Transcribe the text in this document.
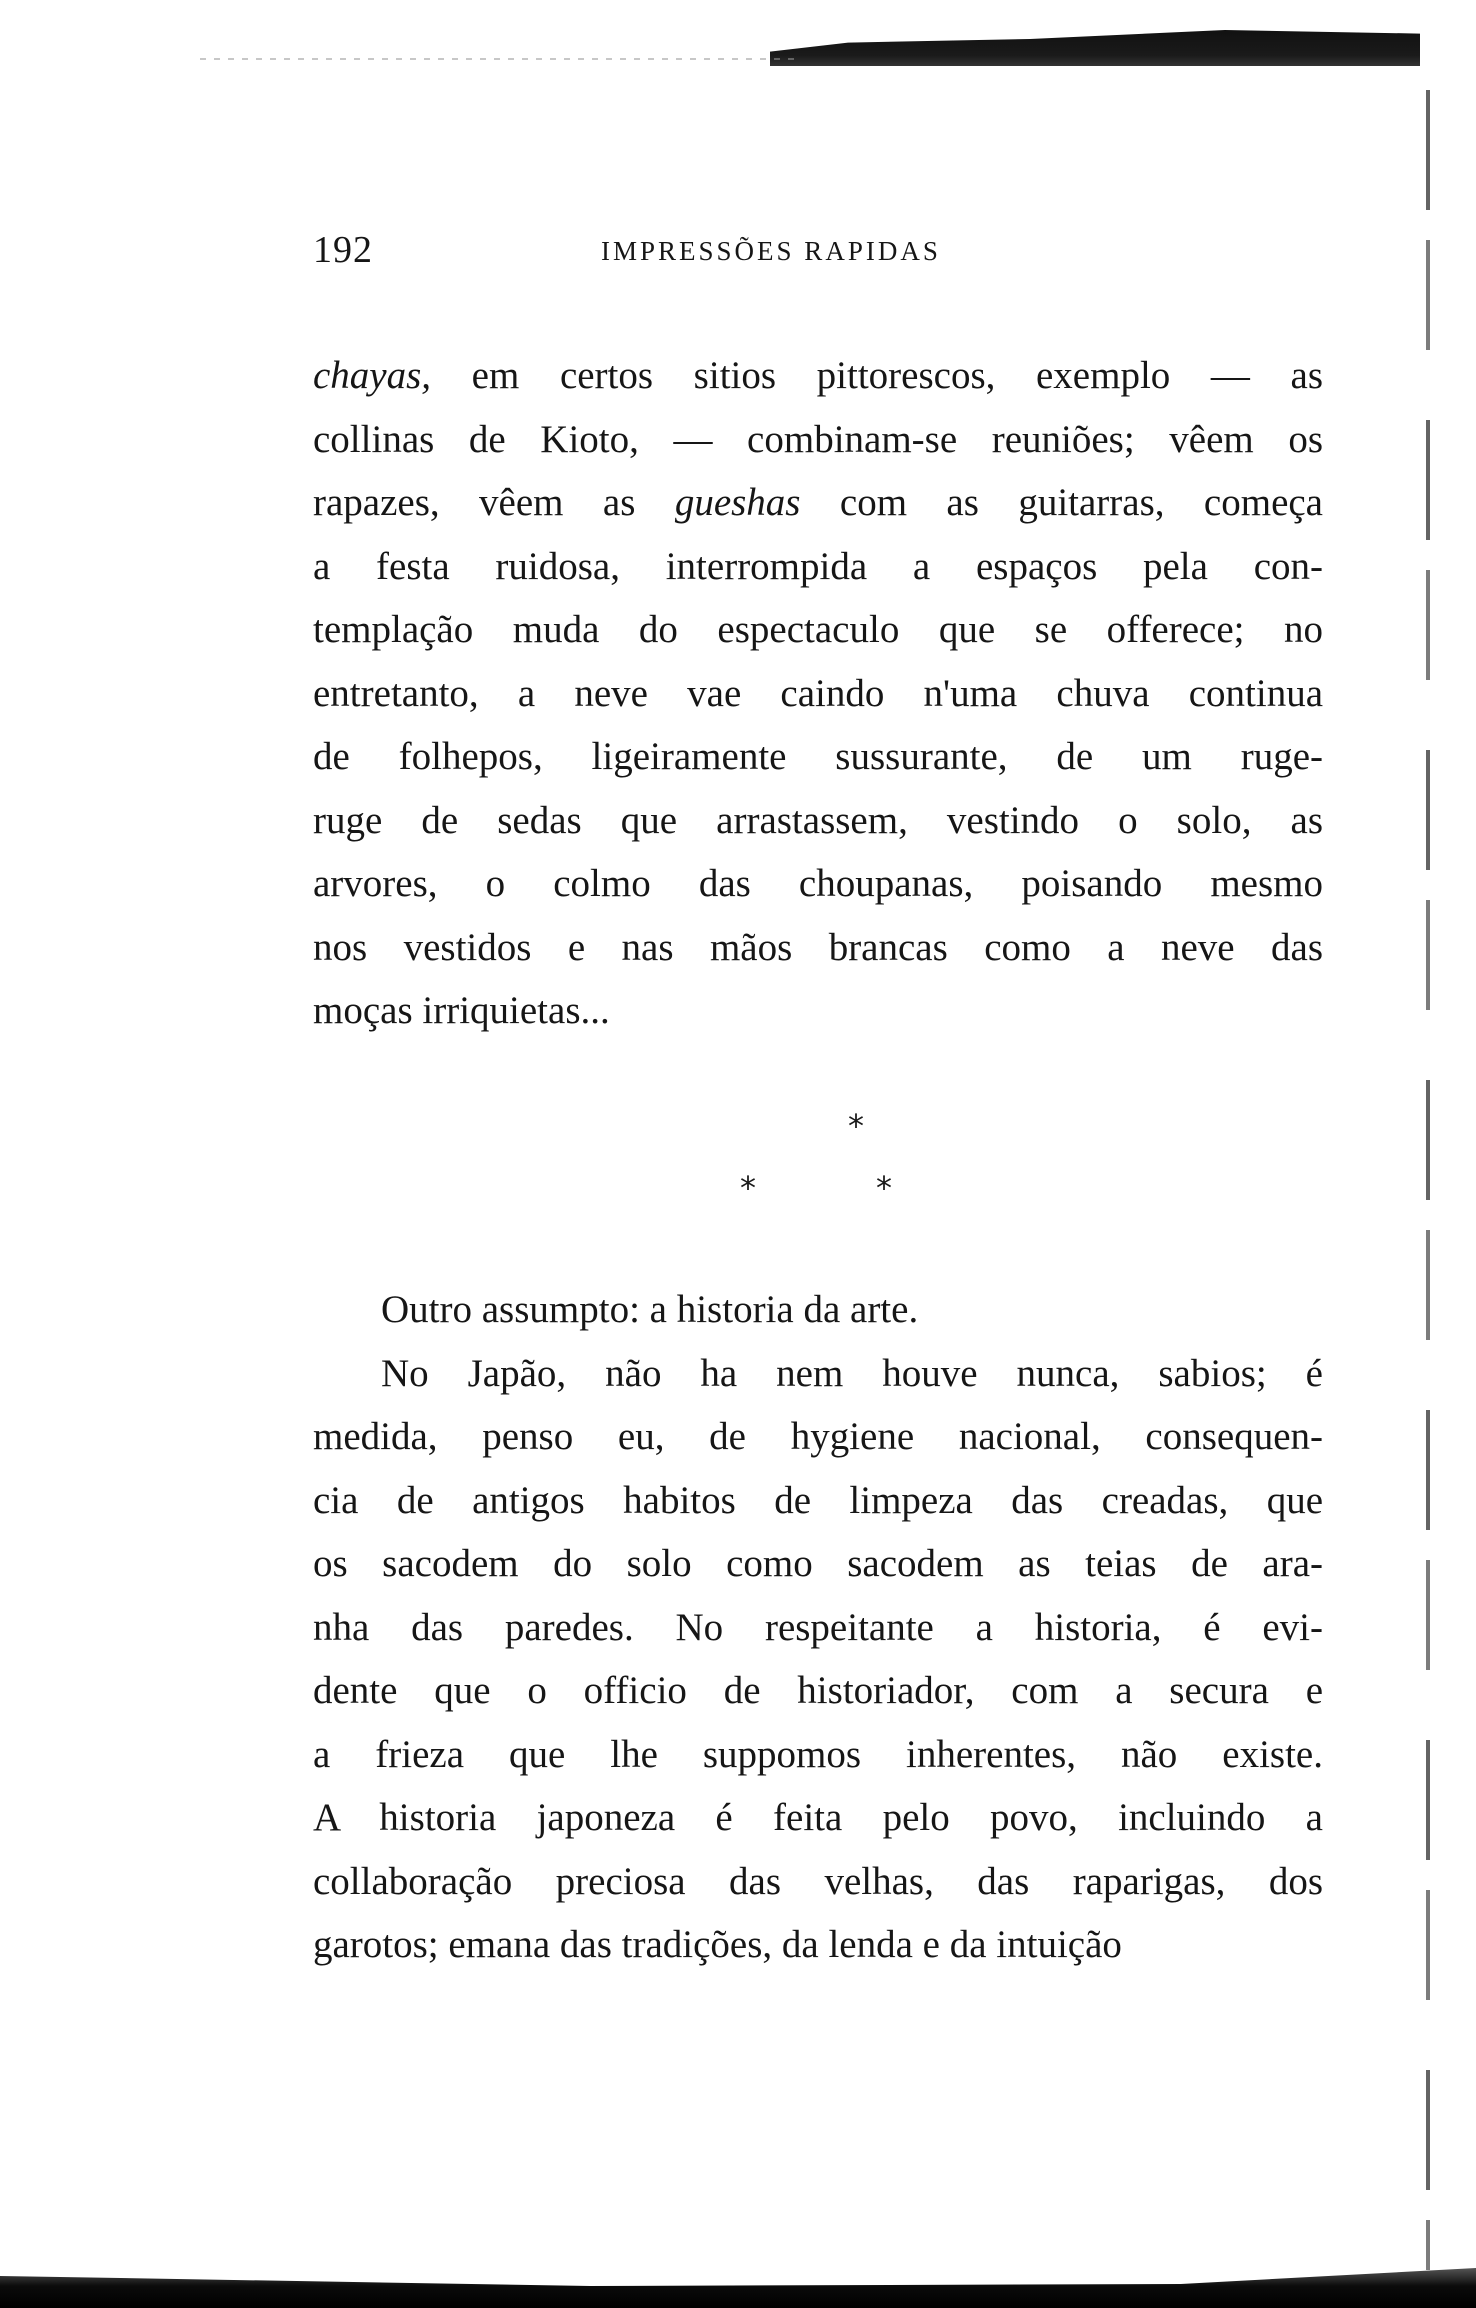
192	IMPRESSÕES RAPIDAS
chayas, em certos sitios pittorescos, exemplo — as
collinas de Kioto, — combinam-se reuniões; vêem os
rapazes, vêem as gueshas com as guitarras, começa
a festa ruidosa, interrompida a espaços pela con-
templação muda do espectaculo que se offerece; no
entretanto, a neve vae caindo n'uma chuva continua
de folhepos, ligeiramente sussurante, de um ruge-
ruge de sedas que arrastassem, vestindo o solo, as
arvores, o colmo das choupanas, poisando mesmo
nos vestidos e nas mãos brancas como a neve das
moças irriquietas...
*
*	*
Outro assumpto: a historia da arte.
No Japão, não ha nem houve nunca, sabios; é
medida, penso eu, de hygiene nacional, consequen-
cia de antigos habitos de limpeza das creadas, que
os sacodem do solo como sacodem as teias de ara-
nha das paredes. No respeitante a historia, é evi-
dente que o officio de historiador, com a secura e
a frieza que lhe suppomos inherentes, não existe.
A historia japoneza é feita pelo povo, incluindo a
collaboração preciosa das velhas, das raparigas, dos
garotos; emana das tradições, da lenda e da intuição
